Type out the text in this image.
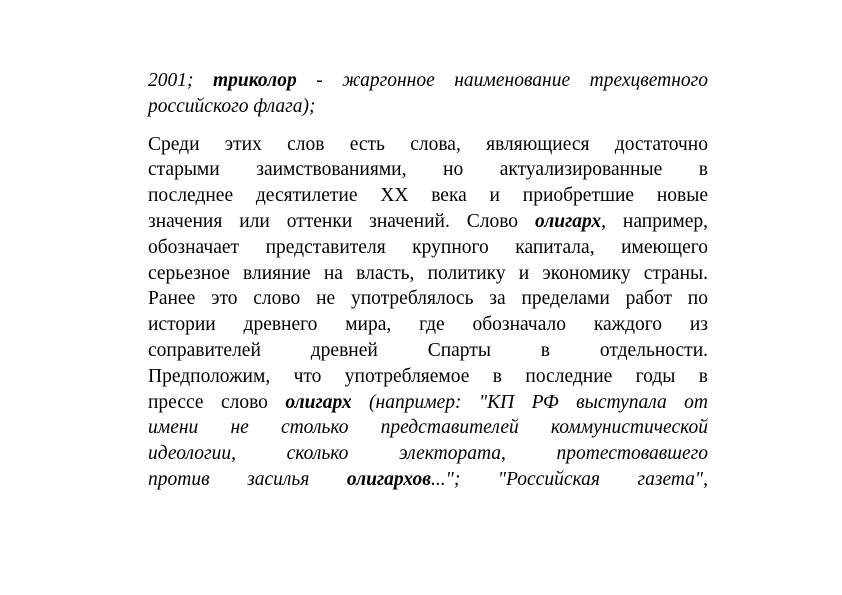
2001; триколор - жаргонное наименование трехцветного
российского флага);

Среди этих слов есть слова, являющиеся достаточно
старыми заимствованиями, но актуализированные в
последнее десятилетие XX века и приобретшие новые
значения или оттенки значений. Слово олигарх, например,
обозначает представителя крупного капитала, имеющего
серьезное влияние на власть, политику и экономику страны.
Ранее это слово не употреблялось за пределами работ по
истории древнего мира, где обозначало каждого из
соправителей древней Спарты в отдельности.
Предположим, что употребляемое в последние годы в
прессе слово олигарх (например: "КП РФ выступала от
имени не столько представителей коммунистической
идеологии, сколько электората, протестовавшего
против засилья олигархов..."; "Российская газета",
